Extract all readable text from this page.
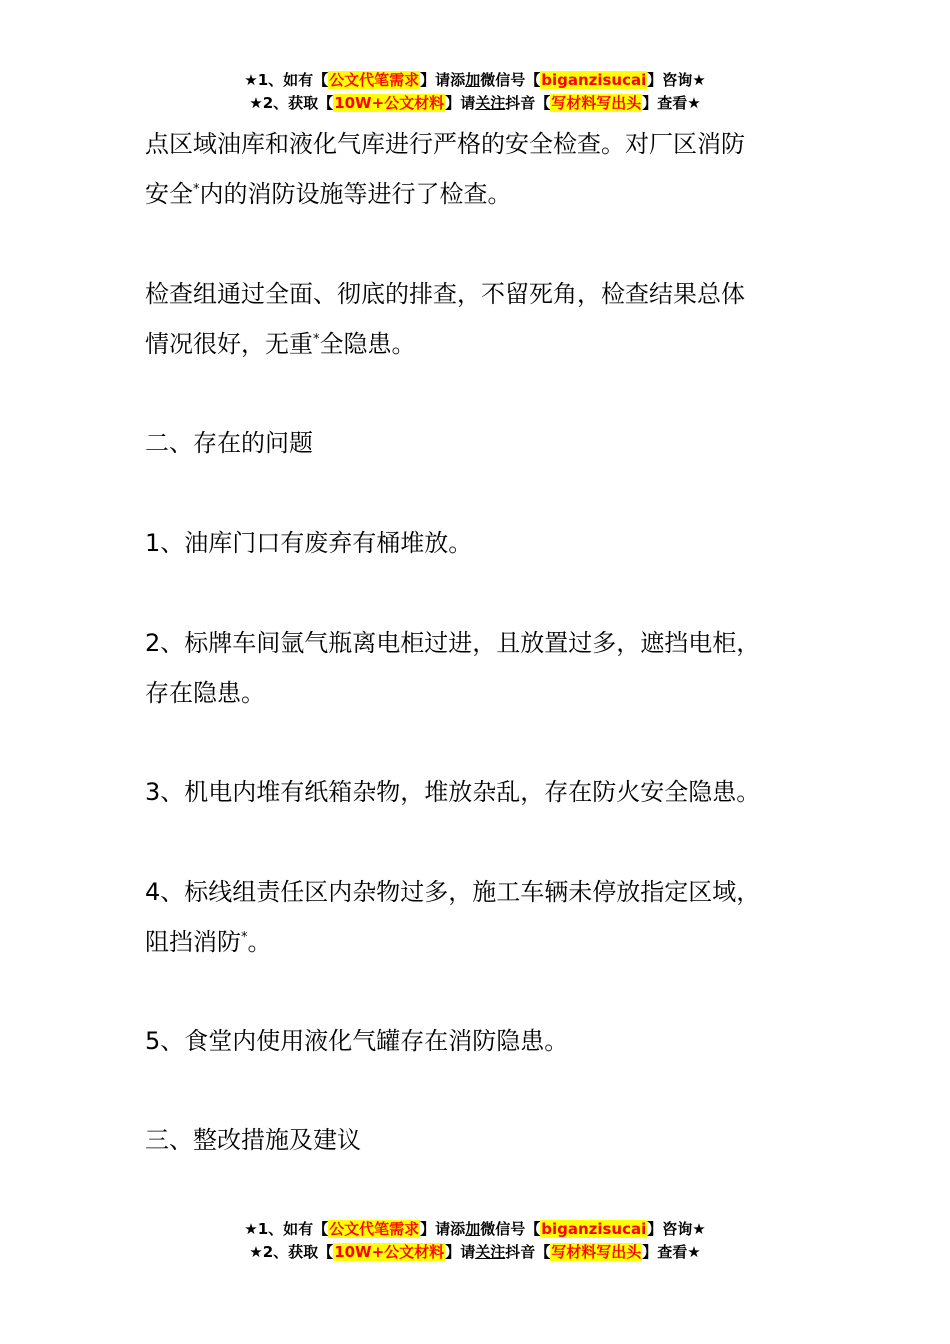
★1、如有【公文代笔需求】请添加微信号【biganzisucai】咨询★
★2、获取【10W+公文材料】请关注抖音【写材料写出头】查看★
点区域油库和液化气库进行严格的安全检查。对厂区消防
安全*内的消防设施等进行了检查。
检查组通过全面、彻底的排查，不留死角，检查结果总体
情况很好，无重*全隐患。
二、存在的问题
1、油库门口有废弃有桶堆放。
2、标牌车间氩气瓶离电柜过进，且放置过多，遮挡电柜，
存在隐患。
3、机电内堆有纸箱杂物，堆放杂乱，存在防火安全隐患。
4、标线组责任区内杂物过多，施工车辆未停放指定区域，
阻挡消防*。
5、食堂内使用液化气罐存在消防隐患。
三、整改措施及建议
★1、如有【公文代笔需求】请添加微信号【biganzisucai】咨询★
★2、获取【10W+公文材料】请关注抖音【写材料写出头】查看★
